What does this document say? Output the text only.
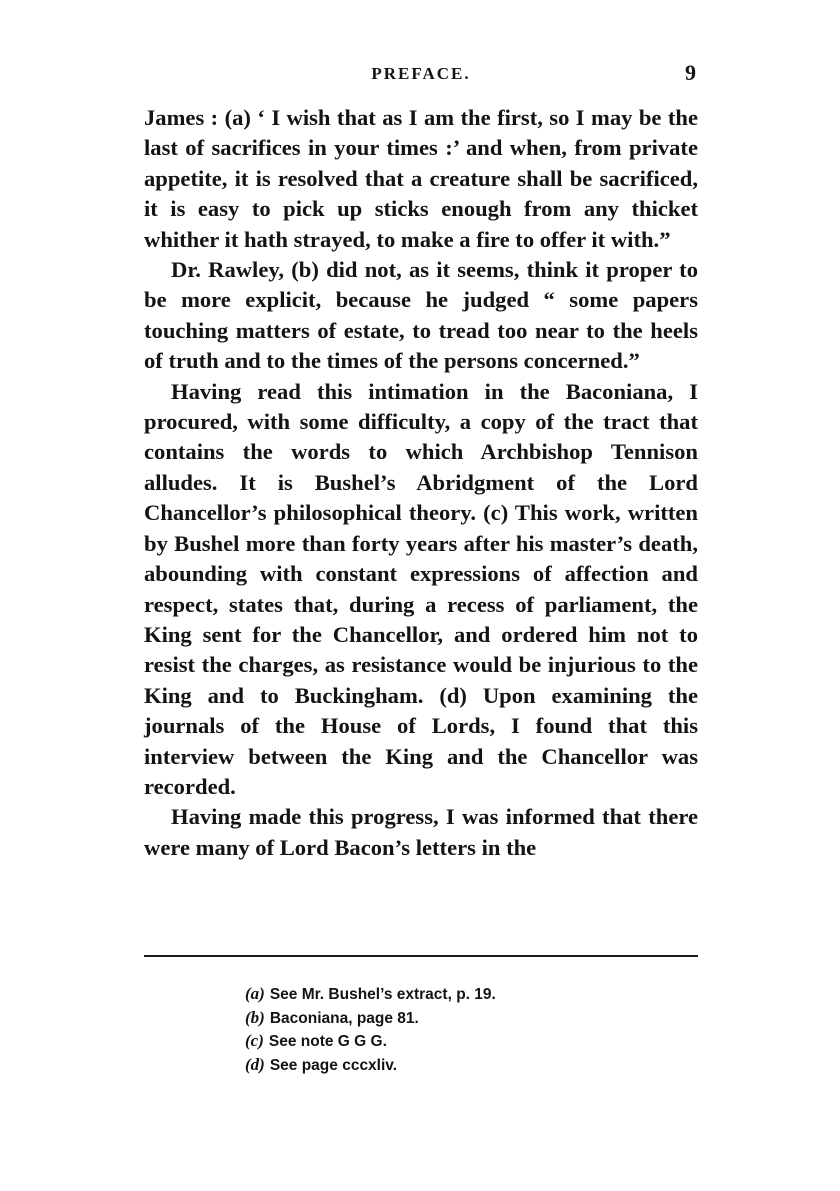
PREFACE.	9

James : (a) ‘ I wish that as I am the first, so I may be the last of sacrifices in your times :’ and when, from private appetite, it is resolved that a creature shall be sacrificed, it is easy to pick up sticks enough from any thicket whither it hath strayed, to make a fire to offer it with.”

Dr. Rawley, (b) did not, as it seems, think it proper to be more explicit, because he judged “ some papers touching matters of estate, to tread too near to the heels of truth and to the times of the persons concerned.”

Having read this intimation in the Baconiana, I procured, with some difficulty, a copy of the tract that contains the words to which Archbishop Tennison alludes. It is Bushel’s Abridgment of the Lord Chancellor’s philosophical theory. (c) This work, written by Bushel more than forty years after his master’s death, abounding with constant expressions of affection and respect, states that, during a recess of parliament, the King sent for the Chancellor, and ordered him not to resist the charges, as resistance would be injurious to the King and to Buckingham. (d) Upon examining the journals of the House of Lords, I found that this interview between the King and the Chancellor was recorded.

Having made this progress, I was informed that there were many of Lord Bacon’s letters in the

(a) See Mr. Bushel’s extract, p. 19.
(b) Baconiana, page 81.
(c) See note G G G.
(d) See page cccxliv.
